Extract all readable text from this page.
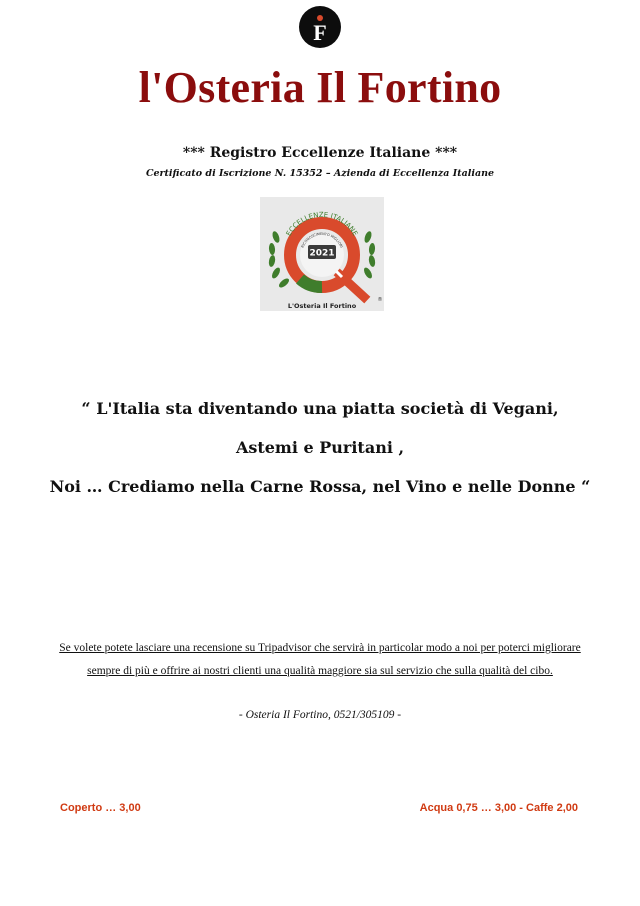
F
l'Osteria Il Fortino
*** Registro Eccellenze Italiane ***
Certificato di Iscrizione N. 15352 – Azienda di Eccellenza Italiane
ECCELLENZE ITALIANE
RICONOSCIMENTO MIGLIORI
2021
L'Osteria Il Fortino
®
“ L'Italia sta diventando una piatta società di Vegani,
Astemi e Puritani ,
Noi … Crediamo nella Carne Rossa, nel Vino e nelle Donne “
Se volete potete lasciare una recensione su Tripadvisor che servirà in particolar modo a noi per poterci migliorare sempre di più e offrire ai nostri clienti una qualità maggiore sia sul servizio che sulla qualità del cibo.
- Osteria Il Fortino, 0521/305109 -
Coperto … 3,00	Acqua 0,75 … 3,00 - Caffe 2,00
